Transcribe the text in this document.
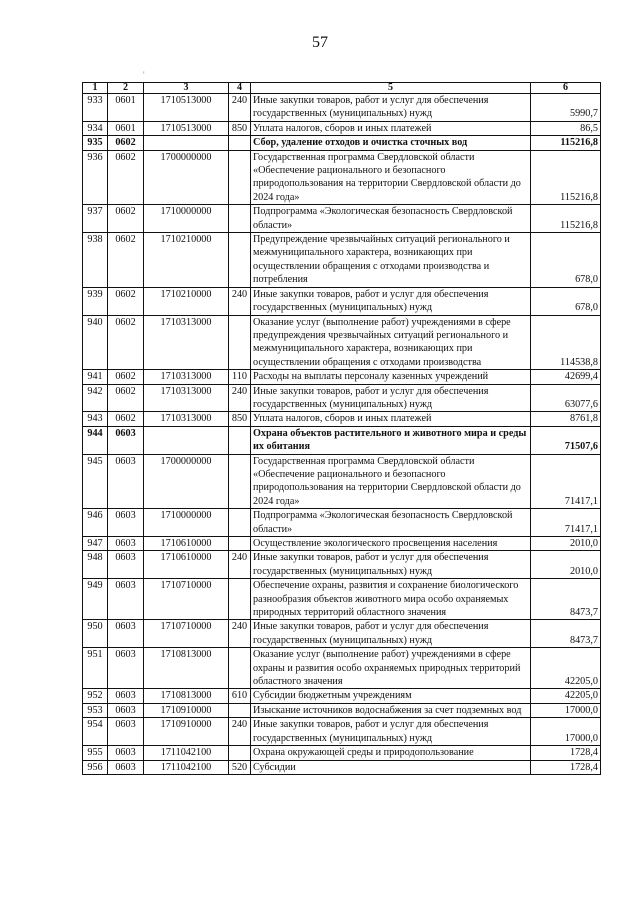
57
'
1	2	3	4	5	6
933	0601	1710513000	240	Иные закупки товаров, работ и услуг для обеспечения государственных (муниципальных) нужд	5990,7
934	0601	1710513000	850	Уплата налогов, сборов и иных платежей	86,5
935	0602			Сбор, удаление отходов и очистка сточных вод	115216,8
936	0602	1700000000		Государственная программа Свердловской области «Обеспечение рационального и безопасного природопользования на территории Свердловской области до 2024 года»	115216,8
937	0602	1710000000		Подпрограмма «Экологическая безопасность Свердловской области»	115216,8
938	0602	1710210000		Предупреждение чрезвычайных ситуаций регионального и межмуниципального характера, возникающих при осуществлении обращения с отходами производства и потребления	678,0
939	0602	1710210000	240	Иные закупки товаров, работ и услуг для обеспечения государственных (муниципальных) нужд	678,0
940	0602	1710313000		Оказание услуг (выполнение работ) учреждениями в сфере предупреждения чрезвычайных ситуаций регионального и межмуниципального характера, возникающих при осуществлении обращения с отходами производства	114538,8
941	0602	1710313000	110	Расходы на выплаты персоналу казенных учреждений	42699,4
942	0602	1710313000	240	Иные закупки товаров, работ и услуг для обеспечения государственных (муниципальных) нужд	63077,6
943	0602	1710313000	850	Уплата налогов, сборов и иных платежей	8761,8
944	0603			Охрана объектов растительного и животного мира и среды их обитания	71507,6
945	0603	1700000000		Государственная программа Свердловской области «Обеспечение рационального и безопасного природопользования на территории Свердловской области до 2024 года»	71417,1
946	0603	1710000000		Подпрограмма «Экологическая безопасность Свердловской области»	71417,1
947	0603	1710610000		Осуществление экологического просвещения населения	2010,0
948	0603	1710610000	240	Иные закупки товаров, работ и услуг для обеспечения государственных (муниципальных) нужд	2010,0
949	0603	1710710000		Обеспечение охраны, развития и сохранение биологического разнообразия объектов животного мира особо охраняемых природных территорий областного значения	8473,7
950	0603	1710710000	240	Иные закупки товаров, работ и услуг для обеспечения государственных (муниципальных) нужд	8473,7
951	0603	1710813000		Оказание услуг (выполнение работ) учреждениями в сфере охраны и развития особо охраняемых природных территорий областного значения	42205,0
952	0603	1710813000	610	Субсидии бюджетным учреждениям	42205,0
953	0603	1710910000		Изыскание источников водоснабжения за счет подземных вод	17000,0
954	0603	1710910000	240	Иные закупки товаров, работ и услуг для обеспечения государственных (муниципальных) нужд	17000,0
955	0603	1711042100		Охрана окружающей среды и природопользование	1728,4
956	0603	1711042100	520	Субсидии	1728,4
